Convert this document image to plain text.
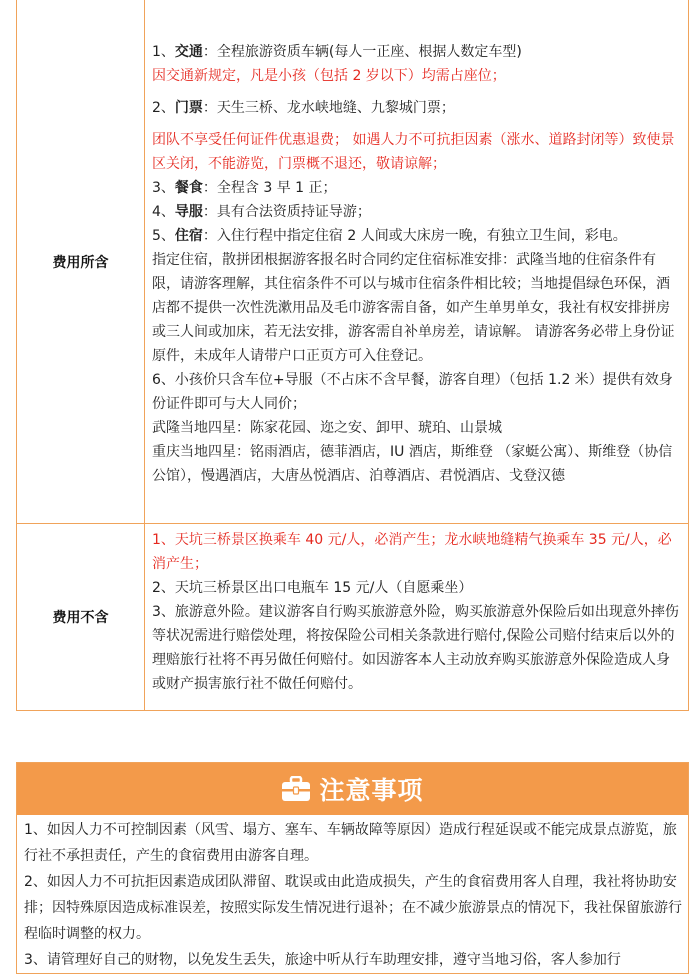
费用所含

1、交通：全程旅游资质车辆(每人一正座、根据人数定车型)

因交通新规定，凡是小孩（包括 2 岁以下）均需占座位；

2、门票：天生三桥、龙水峡地缝、九黎城门票；

团队不享受任何证件优惠退费； 如遇人力不可抗拒因素（涨水、道路封闭等）致使景区关闭，不能游览，门票概不退还，敬请谅解；

3、餐食：全程含 3 早 1 正；

4、导服：具有合法资质持证导游；

5、住宿：入住行程中指定住宿 2 人间或大床房一晚，有独立卫生间，彩电。

指定住宿，散拼团根据游客报名时合同约定住宿标准安排：武隆当地的住宿条件有限，请游客理解，其住宿条件不可以与城市住宿条件相比较；当地提倡绿色环保，酒店都不提供一次性洗漱用品及毛巾游客需自备，如产生单男单女，我社有权安排拼房或三人间或加床，若无法安排，游客需自补单房差，请谅解。 请游客务必带上身份证原件，未成年人请带户口正页方可入住登记。

6、小孩价只含车位+导服（不占床不含早餐，游客自理）（包括 1.2 米）提供有效身份证件即可与大人同价；

武隆当地四星：陈家花园、迩之安、卸甲、琥珀、山景城

重庆当地四星：铭雨酒店，德菲酒店，IU 酒店，斯维登 （家蜓公寓）、斯维登（协信公馆），慢遇酒店，大唐丛悦酒店、泊尊酒店、君悦酒店、戈登汉德

费用不含

1、天坑三桥景区换乘车 40 元/人，必消产生；龙水峡地缝精气换乘车 35 元/人，必消产生；

2、天坑三桥景区出口电瓶车 15 元/人（自愿乘坐）

3、旅游意外险。建议游客自行购买旅游意外险，购买旅游意外保险后如出现意外摔伤等状况需进行赔偿处理，将按保险公司相关条款进行赔付,保险公司赔付结束后以外的理赔旅行社将不再另做任何赔付。如因游客本人主动放弃购买旅游意外保险造成人身或财产损害旅行社不做任何赔付。

注意事项

1、如因人力不可控制因素（风雪、塌方、塞车、车辆故障等原因）造成行程延误或不能完成景点游览，旅行社不承担责任，产生的食宿费用由游客自理。

2、如因人力不可抗拒因素造成团队滞留、耽误或由此造成损失，产生的食宿费用客人自理，我社将协助安排；因特殊原因造成标准误差，按照实际发生情况进行退补；在不减少旅游景点的情况下，我社保留旅游行程临时调整的权力。

3、请管理好自己的财物，以免发生丢失，旅途中听从行车助理安排，遵守当地习俗，客人参加行
